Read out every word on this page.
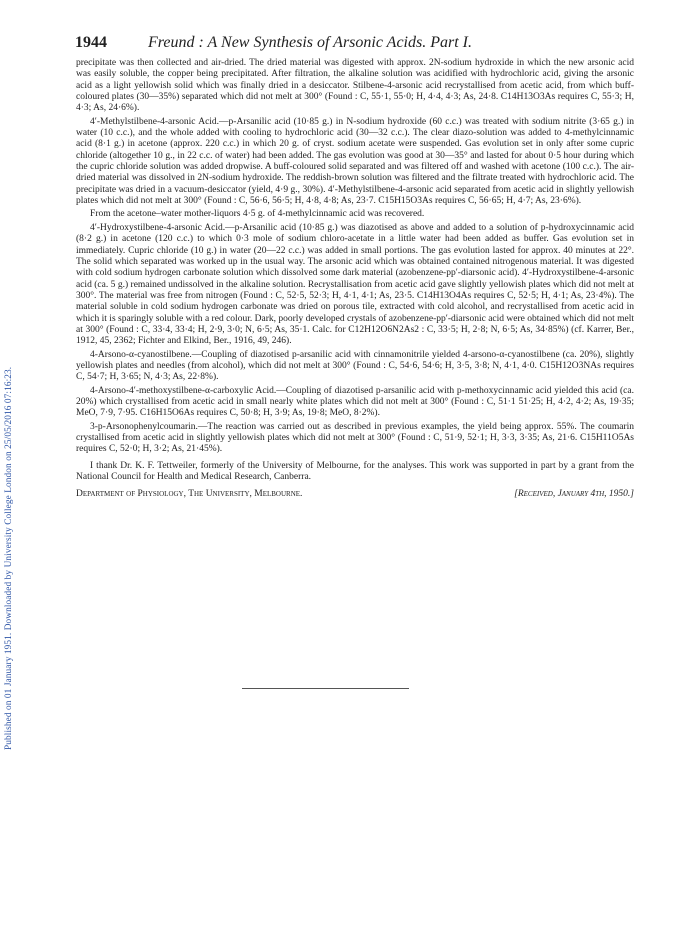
Published on 01 January 1951. Downloaded by University College London on 25/05/2016 07:16:23.
1944	Freund : A New Synthesis of Arsonic Acids. Part I.

precipitate was then collected and air-dried. The dried material was digested with approx. 2N-sodium hydroxide in which the new arsonic acid was easily soluble, the copper being precipitated. After filtration, the alkaline solution was acidified with hydrochloric acid, giving the arsonic acid as a light yellowish solid which was finally dried in a desiccator. Stilbene-4-arsonic acid recrystallised from acetic acid, from which buff-coloured plates (30—35%) separated which did not melt at 300° (Found : C, 55·1, 55·0; H, 4·4, 4·3; As, 24·8. C14H13O3As requires C, 55·3; H, 4·3; As, 24·6%).

4′-Methylstilbene-4-arsonic Acid.—p-Arsanilic acid (10·85 g.) in N-sodium hydroxide (60 c.c.) was treated with sodium nitrite (3·65 g.) in water (10 c.c.), and the whole added with cooling to hydrochloric acid (30—32 c.c.). The clear diazo-solution was added to 4-methylcinnamic acid (8·1 g.) in acetone (approx. 220 c.c.) in which 20 g. of cryst. sodium acetate were suspended. Gas evolution set in only after some cupric chloride (altogether 10 g., in 22 c.c. of water) had been added. The gas evolution was good at 30—35° and lasted for about 0·5 hour during which the cupric chloride solution was added dropwise. A buff-coloured solid separated and was filtered off and washed with acetone (100 c.c.). The air-dried material was dissolved in 2N-sodium hydroxide. The reddish-brown solution was filtered and the filtrate treated with hydrochloric acid. The precipitate was dried in a vacuum-desiccator (yield, 4·9 g., 30%). 4′-Methylstilbene-4-arsonic acid separated from acetic acid in slightly yellowish plates which did not melt at 300° (Found : C, 56·6, 56·5; H, 4·8, 4·8; As, 23·7. C15H15O3As requires C, 56·65; H, 4·7; As, 23·6%).

From the acetone–water mother-liquors 4·5 g. of 4-methylcinnamic acid was recovered.

4′-Hydroxystilbene-4-arsonic Acid.—p-Arsanilic acid (10·85 g.) was diazotised as above and added to a solution of p-hydroxycinnamic acid (8·2 g.) in acetone (120 c.c.) to which 0·3 mole of sodium chloro-acetate in a little water had been added as buffer. Gas evolution set in immediately. Cupric chloride (10 g.) in water (20—22 c.c.) was added in small portions. The gas evolution lasted for approx. 40 minutes at 22°. The solid which separated was worked up in the usual way. The arsonic acid which was obtained contained nitrogenous material. It was digested with cold sodium hydrogen carbonate solution which dissolved some dark material (azobenzene-pp′-diarsonic acid). 4′-Hydroxystilbene-4-arsonic acid (ca. 5 g.) remained undissolved in the alkaline solution. Recrystallisation from acetic acid gave slightly yellowish plates which did not melt at 300°. The material was free from nitrogen (Found : C, 52·5, 52·3; H, 4·1, 4·1; As, 23·5. C14H13O4As requires C, 52·5; H, 4·1; As, 23·4%). The material soluble in cold sodium hydrogen carbonate was dried on porous tile, extracted with cold alcohol, and recrystallised from acetic acid in which it is sparingly soluble with a red colour. Dark, poorly developed crystals of azobenzene-pp′-diarsonic acid were obtained which did not melt at 300° (Found : C, 33·4, 33·4; H, 2·9, 3·0; N, 6·5; As, 35·1. Calc. for C12H12O6N2As2 : C, 33·5; H, 2·8; N, 6·5; As, 34·85%) (cf. Karrer, Ber., 1912, 45, 2362; Fichter and Elkind, Ber., 1916, 49, 246).

4-Arsono-α-cyanostilbene.—Coupling of diazotised p-arsanilic acid with cinnamonitrile yielded 4-arsono-α-cyanostilbene (ca. 20%), slightly yellowish plates and needles (from alcohol), which did not melt at 300° (Found : C, 54·6, 54·6; H, 3·5, 3·8; N, 4·1, 4·0. C15H12O3NAs requires C, 54·7; H, 3·65; N, 4·3; As, 22·8%).

4-Arsono-4′-methoxystilbene-α-carboxylic Acid.—Coupling of diazotised p-arsanilic acid with p-methoxycinnamic acid yielded this acid (ca. 20%) which crystallised from acetic acid in small nearly white plates which did not melt at 300° (Found : C, 51·1 51·25; H, 4·2, 4·2; As, 19·35; MeO, 7·9, 7·95. C16H15O6As requires C, 50·8; H, 3·9; As, 19·8; MeO, 8·2%).

3-p-Arsonophenylcoumarin.—The reaction was carried out as described in previous examples, the yield being approx. 55%. The coumarin crystallised from acetic acid in slightly yellowish plates which did not melt at 300° (Found : C, 51·9, 52·1; H, 3·3, 3·35; As, 21·6. C15H11O5As requires C, 52·0; H, 3·2; As, 21·45%).

I thank Dr. K. F. Tettweiler, formerly of the University of Melbourne, for the analyses. This work was supported in part by a grant from the National Council for Health and Medical Research, Canberra.

Department of Physiology, The University, Melbourne.	[Received, January 4th, 1950.]
